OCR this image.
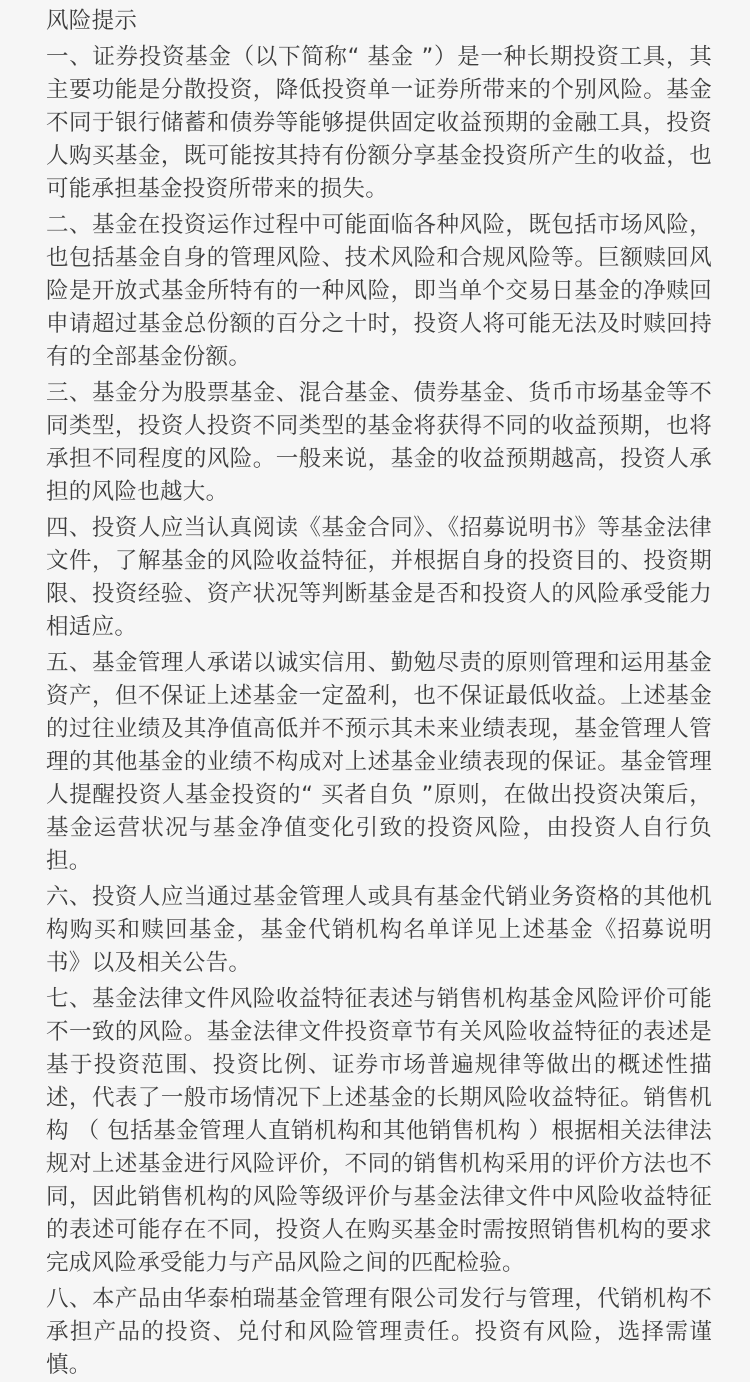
风险提示

一、证券投资基金（以下简称“ 基金 ”）是一种长期投资工具，其主要功能是分散投资，降低投资单一证券所带来的个别风险。基金不同于银行储蓄和债券等能够提供固定收益预期的金融工具，投资人购买基金，既可能按其持有份额分享基金投资所产生的收益，也可能承担基金投资所带来的损失。

二、基金在投资运作过程中可能面临各种风险，既包括市场风险，也包括基金自身的管理风险、技术风险和合规风险等。巨额赎回风险是开放式基金所特有的一种风险，即当单个交易日基金的净赎回申请超过基金总份额的百分之十时，投资人将可能无法及时赎回持有的全部基金份额。

三、基金分为股票基金、混合基金、债券基金、货币市场基金等不同类型，投资人投资不同类型的基金将获得不同的收益预期，也将承担不同程度的风险。一般来说，基金的收益预期越高，投资人承担的风险也越大。

四、投资人应当认真阅读《基金合同》、《招募说明书》等基金法律文件，了解基金的风险收益特征，并根据自身的投资目的、投资期限、投资经验、资产状况等判断基金是否和投资人的风险承受能力相适应。

五、基金管理人承诺以诚实信用、勤勉尽责的原则管理和运用基金资产，但不保证上述基金一定盈利，也不保证最低收益。上述基金的过往业绩及其净值高低并不预示其未来业绩表现，基金管理人管理的其他基金的业绩不构成对上述基金业绩表现的保证。基金管理人提醒投资人基金投资的“ 买者自负 ”原则，在做出投资决策后，基金运营状况与基金净值变化引致的投资风险，由投资人自行负担。

六、投资人应当通过基金管理人或具有基金代销业务资格的其他机构购买和赎回基金，基金代销机构名单详见上述基金《招募说明书》以及相关公告。

七、基金法律文件风险收益特征表述与销售机构基金风险评价可能不一致的风险。基金法律文件投资章节有关风险收益特征的表述是基于投资范围、投资比例、证券市场普遍规律等做出的概述性描述，代表了一般市场情况下上述基金的长期风险收益特征。销售机构 （ 包括基金管理人直销机构和其他销售机构 ）根据相关法律法规对上述基金进行风险评价，不同的销售机构采用的评价方法也不同，因此销售机构的风险等级评价与基金法律文件中风险收益特征的表述可能存在不同，投资人在购买基金时需按照销售机构的要求完成风险承受能力与产品风险之间的匹配检验。

八、本产品由华泰柏瑞基金管理有限公司发行与管理，代销机构不承担产品的投资、兑付和风险管理责任。投资有风险，选择需谨慎。
